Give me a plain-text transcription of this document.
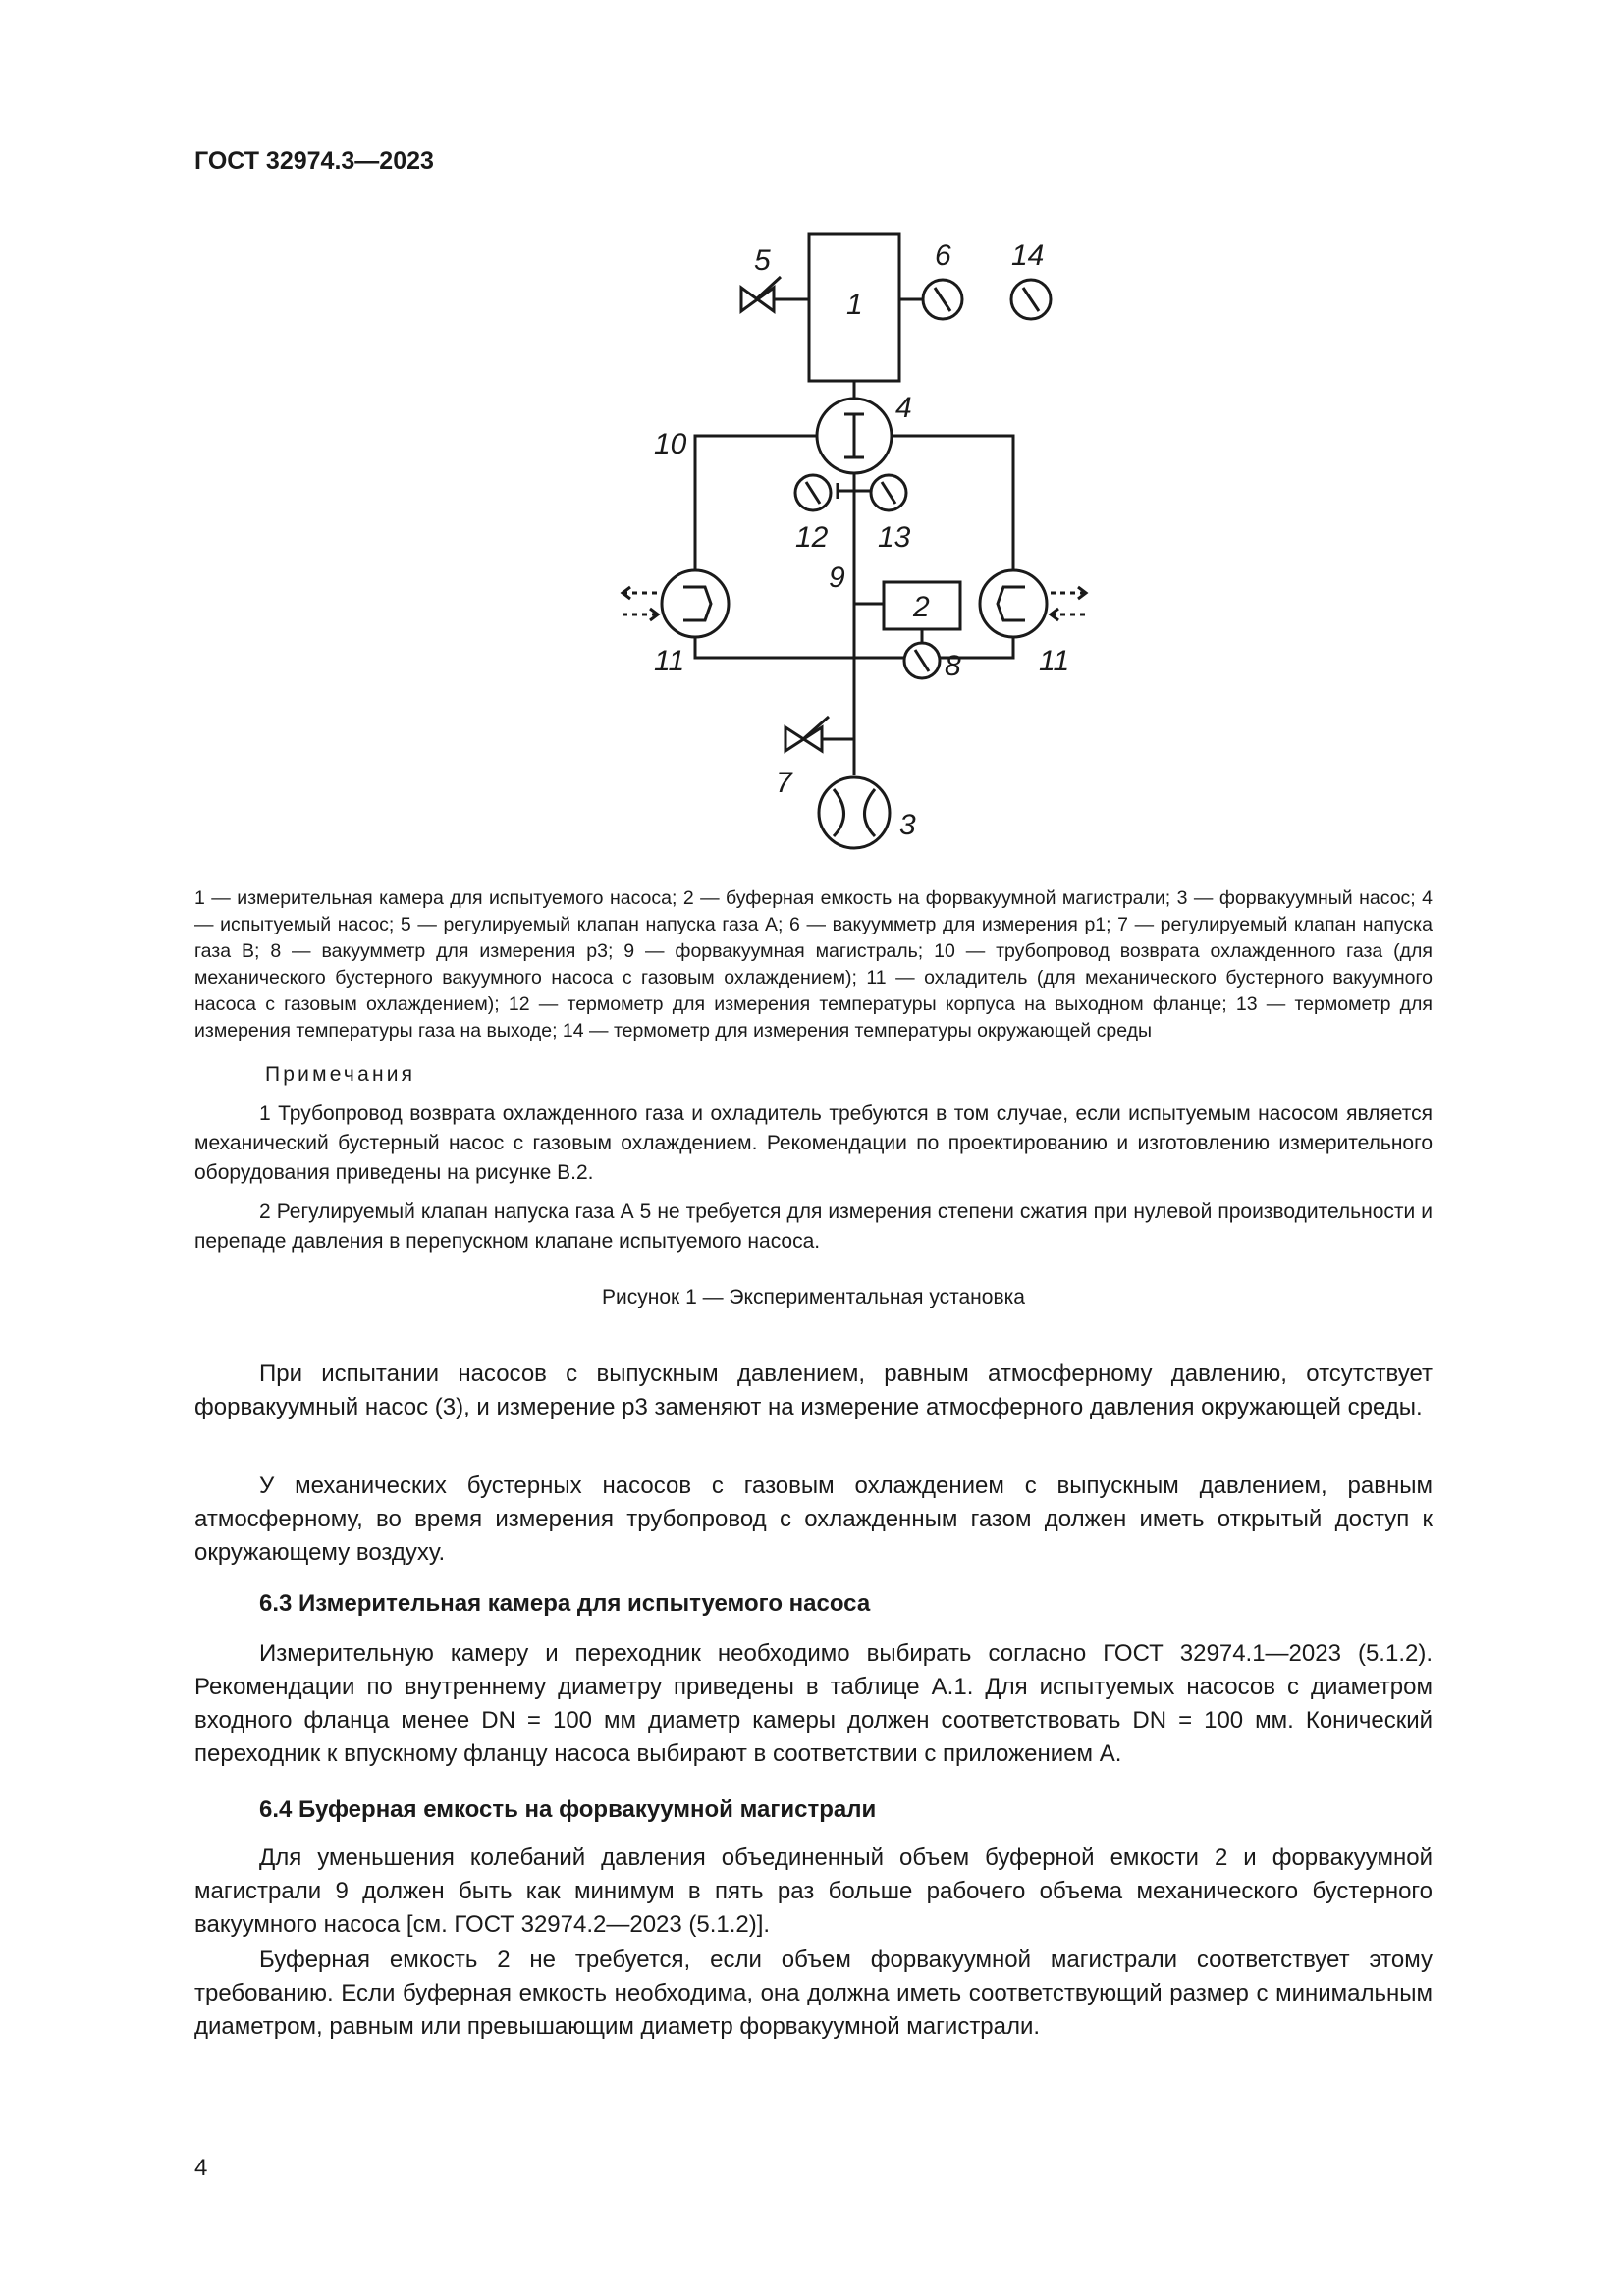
ГОСТ 32974.3—2023
1
2
3
4
5	6
7
8
9
10
11	11
12 13
14
1 — измерительная камера для испытуемого насоса; 2 — буферная емкость на форвакуумной магистрали; 3 — форвакуумный насос; 4 — испытуемый насос; 5 — регулируемый клапан напуска газа А; 6 — вакуумметр для измерения p1; 7 — регулируемый клапан напуска газа В; 8 — вакуумметр для измерения p3; 9 — форвакуумная магистраль; 10 — трубопровод возврата охлажденного газа (для механического бустерного вакуумного насоса с газовым охлаждением); 11 — охладитель (для механического бустерного вакуумного насоса с газовым охлаждением); 12 — термометр для измерения температуры корпуса на выходном фланце; 13 — термометр для измерения температуры газа на выходе; 14 — термометр для измерения температуры окружающей среды
Примечания
1 Трубопровод возврата охлажденного газа и охладитель требуются в том случае, если испытуемым насосом является механический бустерный насос с газовым охлаждением. Рекомендации по проектированию и изготовлению измерительного оборудования приведены на рисунке В.2.
2 Регулируемый клапан напуска газа А 5 не требуется для измерения степени сжатия при нулевой производительности и перепаде давления в перепускном клапане испытуемого насоса.
Рисунок 1 — Экспериментальная установка
При испытании насосов с выпускным давлением, равным атмосферному давлению, отсутствует форвакуумный насос (3), и измерение p3 заменяют на измерение атмосферного давления окружающей среды.
У механических бустерных насосов с газовым охлаждением с выпускным давлением, равным атмосферному, во время измерения трубопровод с охлажденным газом должен иметь открытый доступ к окружающему воздуху.
6.3 Измерительная камера для испытуемого насоса
Измерительную камеру и переходник необходимо выбирать согласно ГОСТ 32974.1—2023 (5.1.2). Рекомендации по внутреннему диаметру приведены в таблице А.1. Для испытуемых насосов с диаметром входного фланца менее DN = 100 мм диаметр камеры должен соответствовать DN = 100 мм. Конический переходник к впускному фланцу насоса выбирают в соответствии с приложением А.
6.4 Буферная емкость на форвакуумной магистрали
Для уменьшения колебаний давления объединенный объем буферной емкости 2 и форвакуумной магистрали 9 должен быть как минимум в пять раз больше рабочего объема механического бустерного вакуумного насоса [см. ГОСТ 32974.2—2023 (5.1.2)].
Буферная емкость 2 не требуется, если объем форвакуумной магистрали соответствует этому требованию. Если буферная емкость необходима, она должна иметь соответствующий размер с минимальным диаметром, равным или превышающим диаметр форвакуумной магистрали.
4
